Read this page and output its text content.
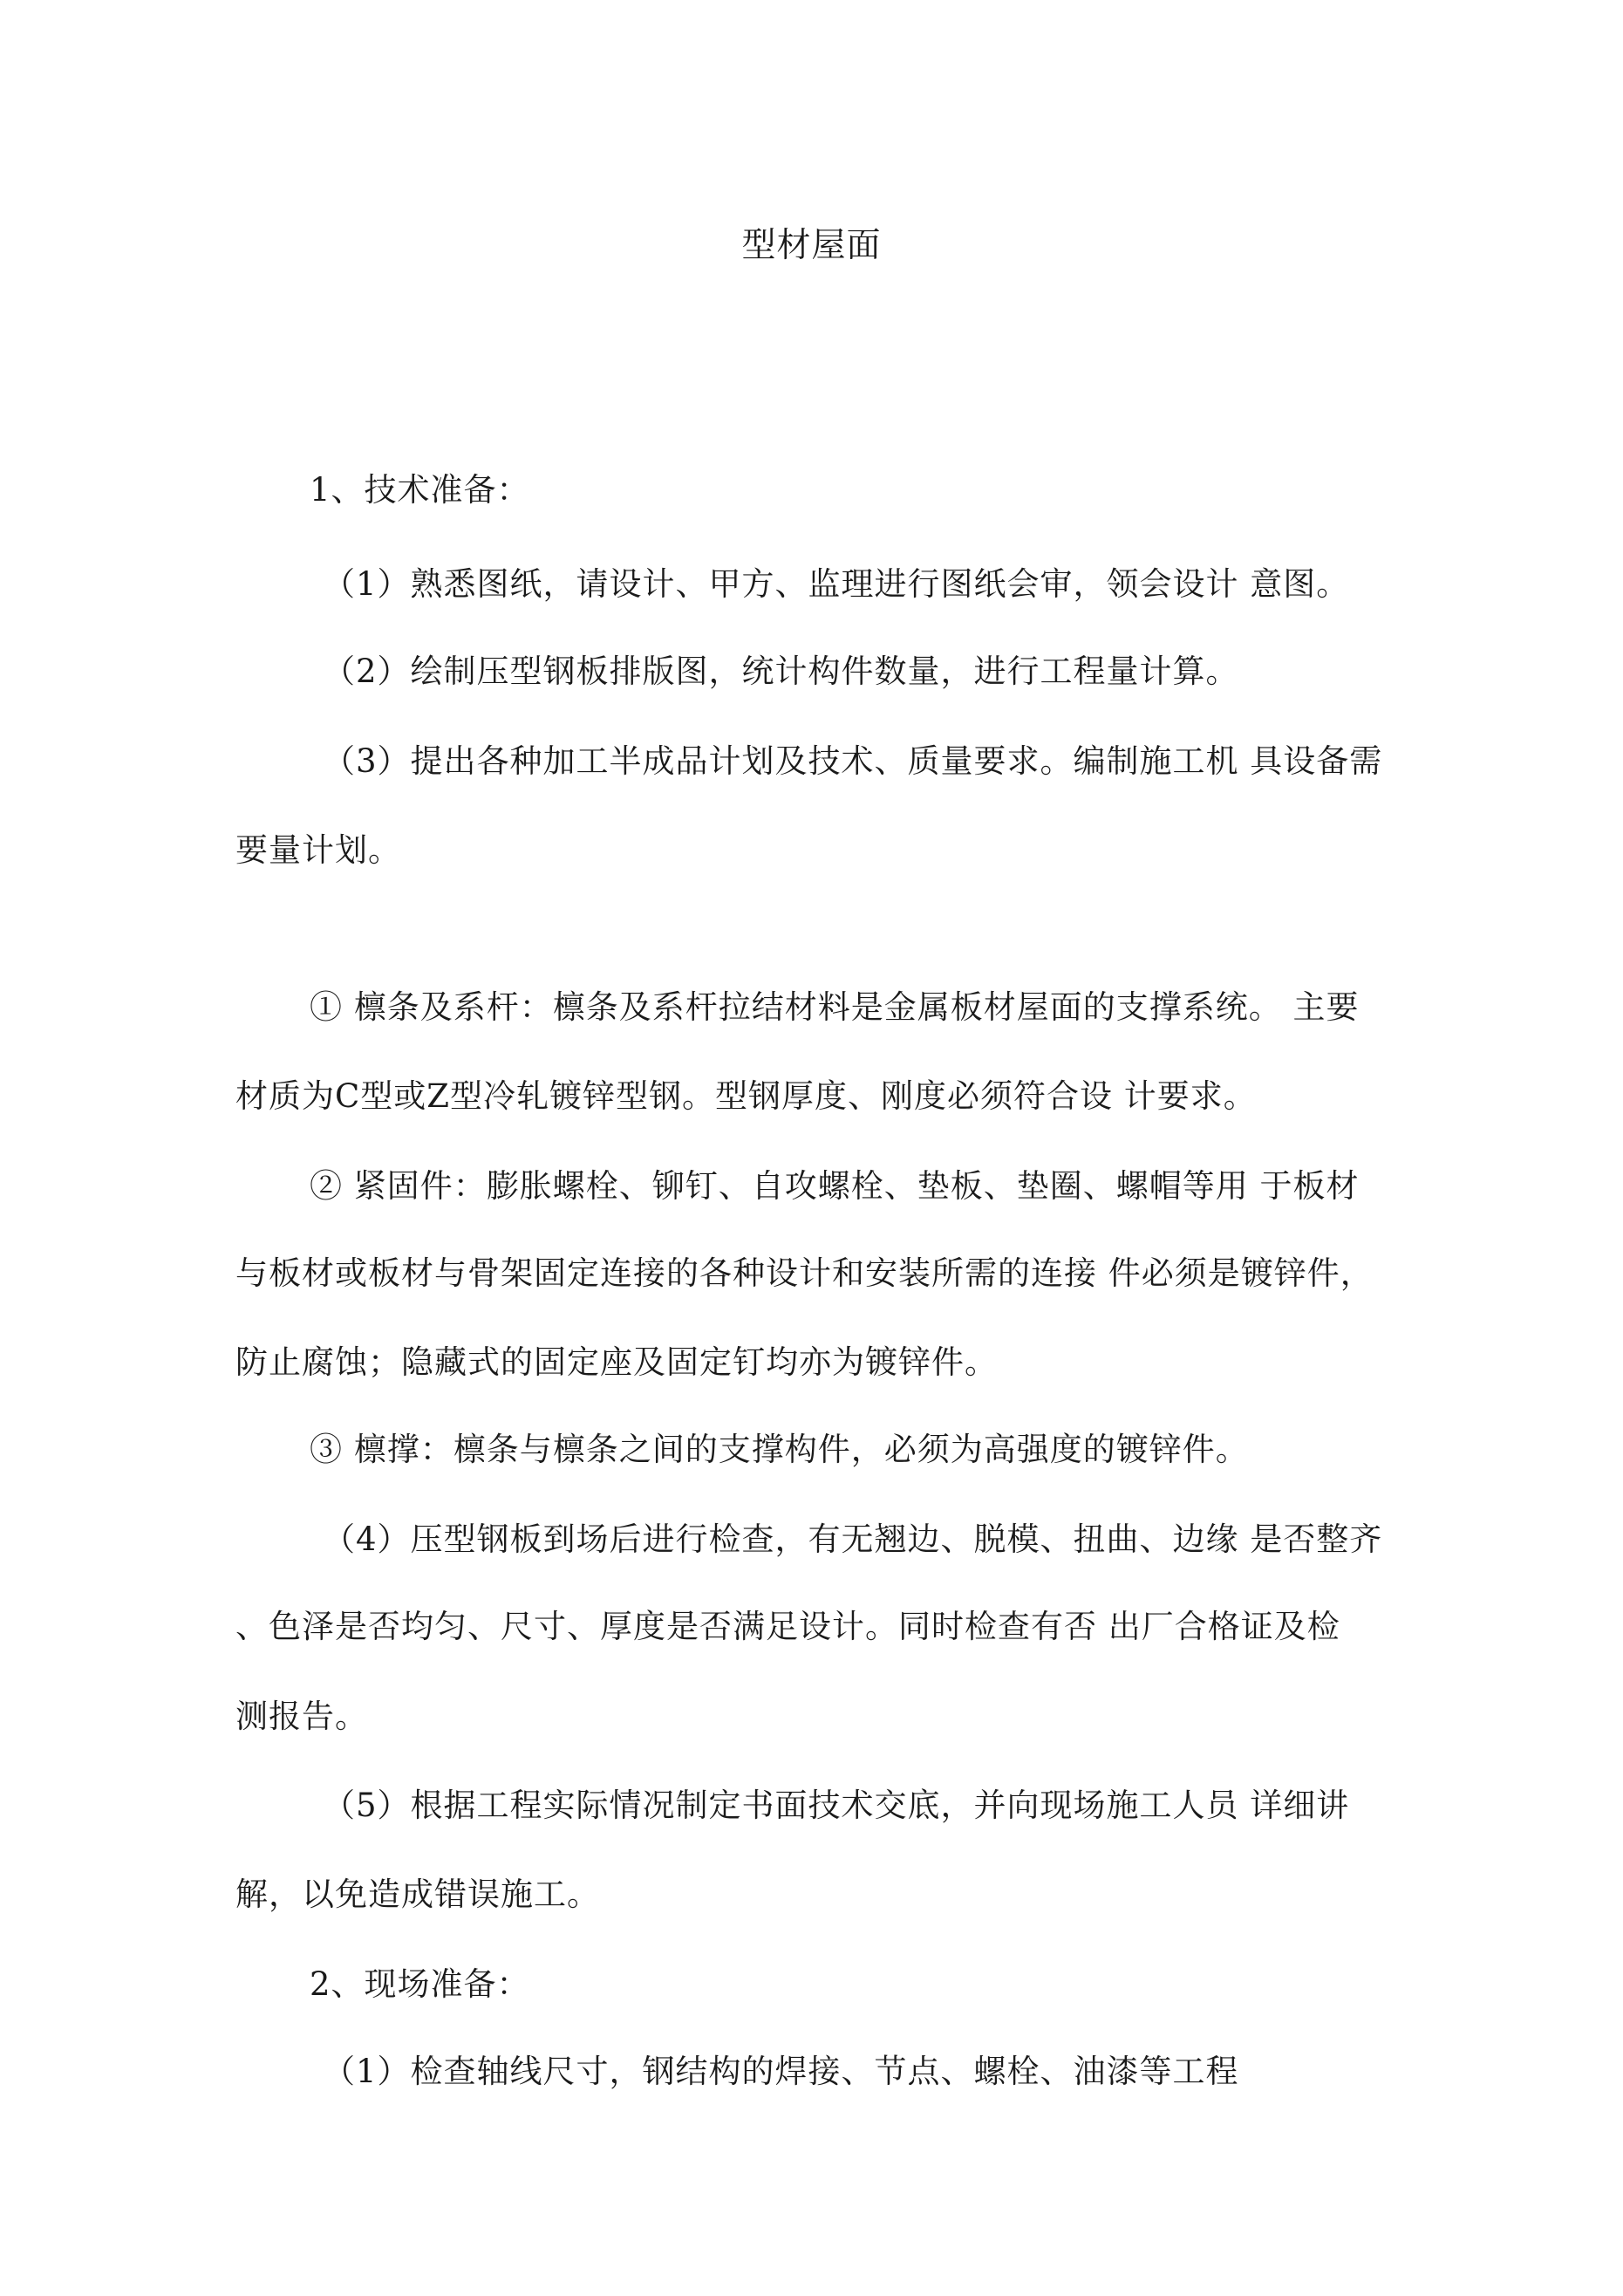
型材屋面
1、技术准备：
（1）熟悉图纸，请设计、甲方、监理进行图纸会审，领会设计 意图。
（2）绘制压型钢板排版图，统计构件数量，进行工程量计算。
（3）提出各种加工半成品计划及技术、质量要求。编制施工机 具设备需
要量计划。
① 檩条及系杆：檩条及系杆拉结材料是金属板材屋面的支撑系统。 主要
材质为C型或Z型冷轧镀锌型钢。型钢厚度、刚度必须符合设 计要求。
② 紧固件：膨胀螺栓、铆钉、自攻螺栓、垫板、垫圈、螺帽等用 于板材
与板材或板材与骨架固定连接的各种设计和安装所需的连接 件必须是镀锌件，
防止腐蚀；隐藏式的固定座及固定钉均亦为镀锌件。
③ 檩撑：檩条与檩条之间的支撑构件，必须为高强度的镀锌件。
（4）压型钢板到场后进行检查，有无翘边、脱模、扭曲、边缘 是否整齐
、色泽是否均匀、尺寸、厚度是否满足设计。同时检查有否 出厂合格证及检
测报告。
（5）根据工程实际情况制定书面技术交底，并向现场施工人员 详细讲
解，以免造成错误施工。
2、现场准备：
（1）检查轴线尺寸，钢结构的焊接、节点、螺栓、油漆等工程
